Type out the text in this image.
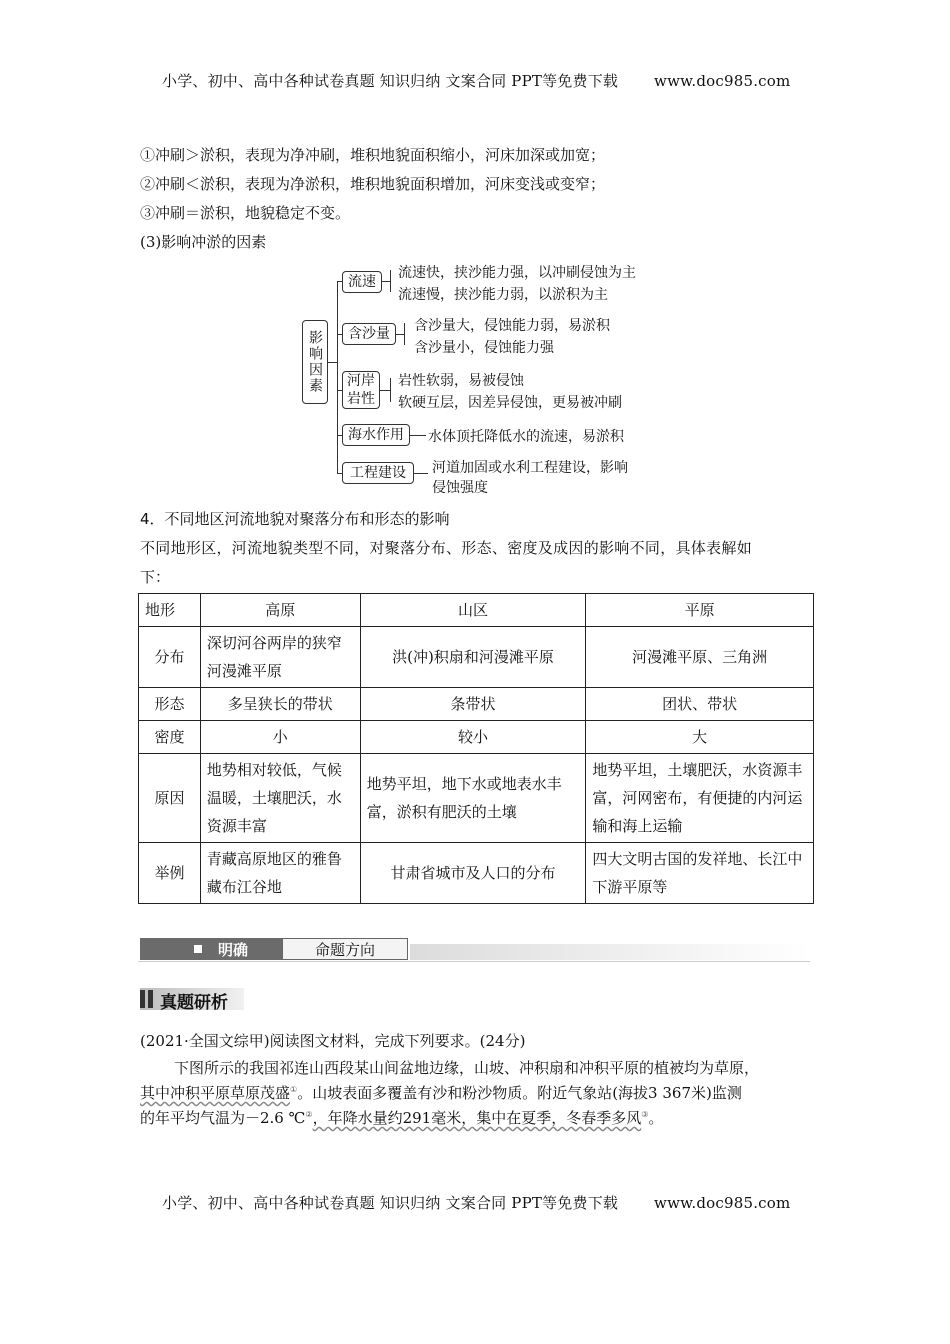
小学、初中、高中各种试卷真题 知识归纳 文案合同 PPT等免费下载 www.doc985.com
①冲刷＞淤积，表现为净冲刷，堆积地貌面积缩小，河床加深或加宽；
②冲刷＜淤积，表现为净淤积，堆积地貌面积增加，河床变浅或变窄；
③冲刷＝淤积，地貌稳定不变。
(3)影响冲淤的因素
影响因素
流速
流速快，挟沙能力强，以冲刷侵蚀为主
流速慢，挟沙能力弱，以淤积为主
含沙量	含沙量大，侵蚀能力弱，易淤积
含沙量小，侵蚀能力强
河岸岩性
岩性软弱，易被侵蚀
软硬互层，因差异侵蚀，更易被冲刷
海水作用	水体顶托降低水的流速，易淤积
工程建设	河道加固或水利工程建设，影响
侵蚀强度
4．不同地区河流地貌对聚落分布和形态的影响
不同地形区，河流地貌类型不同，对聚落分布、形态、密度及成因的影响不同，具体表解如
下：
地形	高原	山区	平原
分布	深切河谷两岸的狭窄河漫滩平原	洪(冲)积扇和河漫滩平原	河漫滩平原、三角洲
形态	多呈狭长的带状	条带状	团状、带状
密度	小	较小	大
原因	地势相对较低，气候温暖，土壤肥沃，水资源丰富	地势平坦，地下水或地表水丰富，淤积有肥沃的土壤	地势平坦，土壤肥沃，水资源丰富，河网密布，有便捷的内河运输和海上运输
举例	青藏高原地区的雅鲁藏布江谷地	甘肃省城市及人口的分布	四大文明古国的发祥地、长江中下游平原等
明确	命题方向
真题研析
(2021·全国文综甲)阅读图文材料，完成下列要求。(24分)
下图所示的我国祁连山西段某山间盆地边缘，山坡、冲积扇和冲积平原的植被均为草原，
其中冲积平原草原茂盛①。山坡表面多覆盖有沙和粉沙物质。附近气象站(海拔3 367米)监测
的年平均气温为－2.6 ℃②，年降水量约291毫米，集中在夏季，冬春季多风③。
小学、初中、高中各种试卷真题 知识归纳 文案合同 PPT等免费下载 www.doc985.com
